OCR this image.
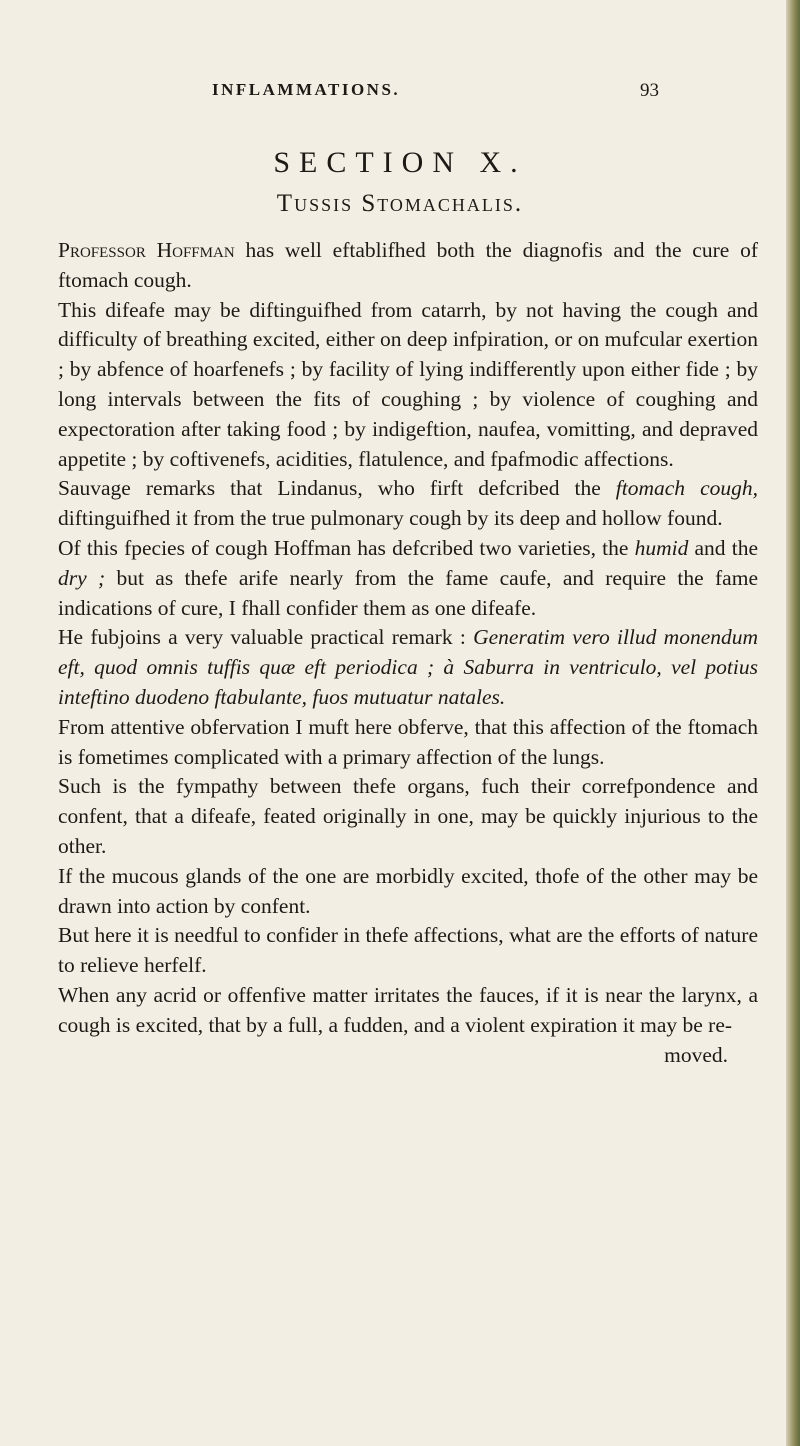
INFLAMMATIONS.	93
SECTION X.
Tussis Stomachalis.

Professor Hoffman has well eftablifhed both the diagnofis and the cure of ftomach cough.

This difeafe may be diftinguifhed from catarrh, by not having the cough and difficulty of breathing excited, either on deep infpiration, or on mufcular exertion ; by abfence of hoarfenefs ; by facility of lying indifferently upon either fide ; by long intervals between the fits of coughing ; by violence of coughing and expectoration after taking food ; by indigeftion, naufea, vomitting, and depraved appetite ; by coftivenefs, acidities, flatulence, and fpafmodic affections.

Sauvage remarks that Lindanus, who firft defcribed the ftomach cough, diftinguifhed it from the true pulmonary cough by its deep and hollow found.

Of this fpecies of cough Hoffman has defcribed two varieties, the humid and the dry ; but as thefe arife nearly from the fame caufe, and require the fame indications of cure, I fhall confider them as one difeafe.

He fubjoins a very valuable practical remark : Generatim vero illud monendum eft, quod omnis tuffis quæ eft periodica ; à Saburra in ventriculo, vel potius inteftino duodeno ftabulante, fuos mutuatur natales.

From attentive obfervation I muft here obferve, that this affection of the ftomach is fometimes complicated with a primary affection of the lungs.

Such is the fympathy between thefe organs, fuch their correfpondence and confent, that a difeafe, feated originally in one, may be quickly injurious to the other.

If the mucous glands of the one are morbidly excited, thofe of the other may be drawn into action by confent.

But here it is needful to confider in thefe affections, what are the efforts of nature to relieve herfelf.

When any acrid or offenfive matter irritates the fauces, if it is near the larynx, a cough is excited, that by a full, a fudden, and a violent expiration it may be re-

moved.
